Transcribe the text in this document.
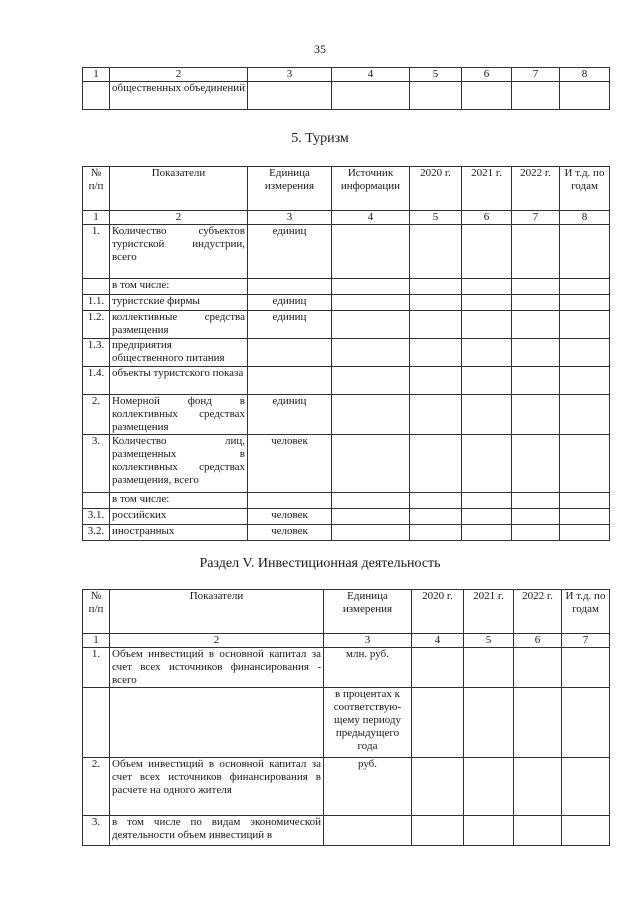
35
1	2	3	4	5	6	7	8
	общественных объединений						
5. Туризм
№ п/п	Показатели	Единица измерения	Источник информации	2020 г.	2021 г.	2022 г.	И т.д. по годам
1	2	3	4	5	6	7	8
1.	Количество субъектов туристской индустрии, всего	единиц					
	в том числе:						
1.1.	туристские фирмы	единиц					
1.2.	коллективные средства размещения	единиц					
1.3.	предприятия общественного питания						
1.4.	объекты туристского показа						
2.	Номерной фонд в коллективных средствах размещения	единиц					
3.	Количество лиц, размещенных в коллективных средствах размещения, всего	человек					
	в том числе:						
3.1.	российских	человек					
3.2.	иностранных	человек					
Раздел V. Инвестиционная деятельность
№ п/п	Показатели	Единица измерения	2020 г.	2021 г.	2022 г.	И т.д. по годам
1	2	3	4	5	6	7
1.	Объем инвестиций в основной капитал за счет всех источников финансирования - всего	млн. руб.				
		в процентах к соответствую-щему периоду предыдущего года				
2.	Объем инвестиций в основной капитал за счет всех источников финансирования в расчете на одного жителя	руб.				
3.	в том числе по видам экономической деятельности объем инвестиций в					
